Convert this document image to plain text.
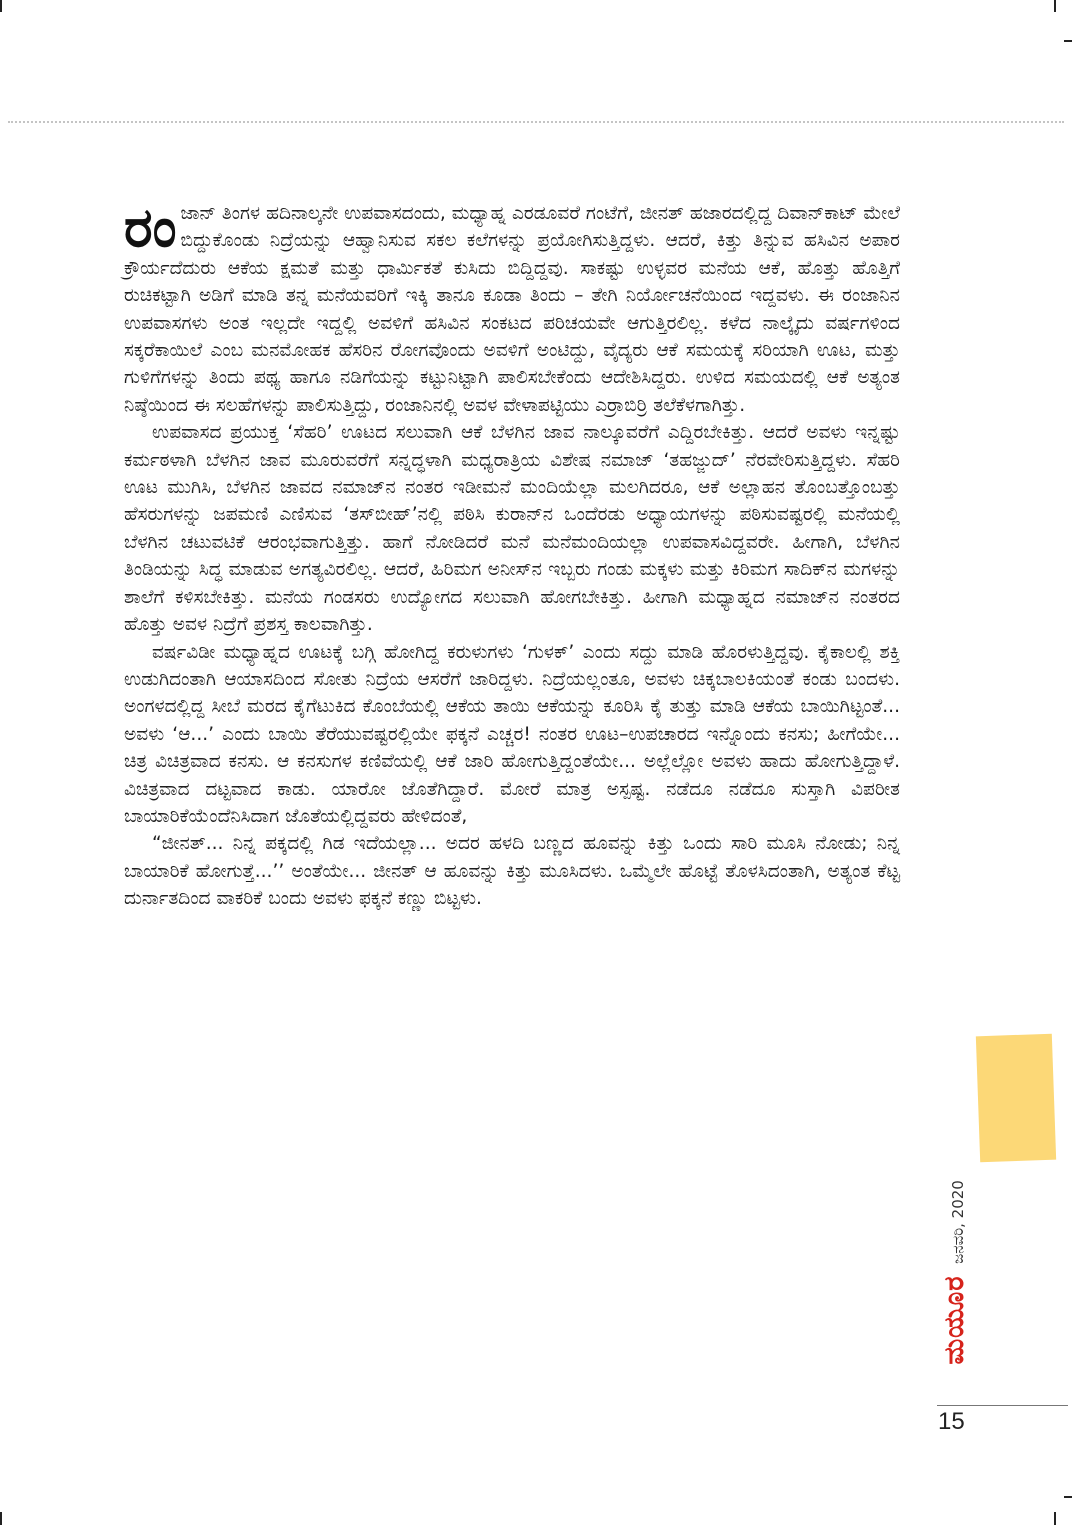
ರಂಜಾನ್ ತಿಂಗಳ ಹದಿನಾಲ್ಕನೇ ಉಪವಾಸದಂದು, ಮಧ್ಯಾಹ್ನ ಎರಡೂವರೆ ಗಂಟೆಗೆ, ಜೀನತ್ ಹಜಾರದಲ್ಲಿದ್ದ ದಿವಾನ್‌ಕಾಟ್ ಮೇಲೆ ಬಿದ್ದುಕೊಂಡು ನಿದ್ರೆಯನ್ನು ಆಹ್ವಾನಿಸುವ ಸಕಲ ಕಲೆಗಳನ್ನು ಪ್ರಯೋಗಿಸುತ್ತಿದ್ದಳು. ಆದರೆ, ಕಿತ್ತು ತಿನ್ನುವ ಹಸಿವಿನ ಅಪಾರ ಕ್ರೌರ್ಯದೆದುರು ಆಕೆಯ ಕ್ಷಮತೆ ಮತ್ತು ಧಾರ್ಮಿಕತೆ ಕುಸಿದು ಬಿದ್ದಿದ್ದವು. ಸಾಕಷ್ಟು ಉಳ್ಳವರ ಮನೆಯ ಆಕೆ, ಹೊತ್ತು ಹೊತ್ತಿಗೆ ರುಚಿಕಟ್ಟಾಗಿ ಅಡಿಗೆ ಮಾಡಿ ತನ್ನ ಮನೆಯವರಿಗೆ ಇಕ್ಕಿ ತಾನೂ ಕೂಡಾ ತಿಂದು – ತೇಗಿ ನಿರ್ಯೋಚನೆಯಿಂದ ಇದ್ದವಳು. ಈ ರಂಜಾನಿನ ಉಪವಾಸಗಳು ಅಂತ ಇಲ್ಲದೇ ಇದ್ದಲ್ಲಿ ಅವಳಿಗೆ ಹಸಿವಿನ ಸಂಕಟದ ಪರಿಚಯವೇ ಆಗುತ್ತಿರಲಿಲ್ಲ. ಕಳೆದ ನಾಲ್ಕೈದು ವರ್ಷಗಳಿಂದ ಸಕ್ಕರೆಕಾಯಿಲೆ ಎಂಬ ಮನಮೋಹಕ ಹೆಸರಿನ ರೋಗವೊಂದು ಅವಳಿಗೆ ಅಂಟಿದ್ದು, ವೈದ್ಯರು ಆಕೆ ಸಮಯಕ್ಕೆ ಸರಿಯಾಗಿ ಊಟ, ಮತ್ತು ಗುಳಿಗೆಗಳನ್ನು ತಿಂದು ಪಥ್ಯ ಹಾಗೂ ನಡಿಗೆಯನ್ನು ಕಟ್ಟುನಿಟ್ಟಾಗಿ ಪಾಲಿಸಬೇಕೆಂದು ಆದೇಶಿಸಿದ್ದರು. ಉಳಿದ ಸಮಯದಲ್ಲಿ ಆಕೆ ಅತ್ಯಂತ ನಿಷ್ಠೆಯಿಂದ ಈ ಸಲಹೆಗಳನ್ನು ಪಾಲಿಸುತ್ತಿದ್ದು, ರಂಜಾನಿನಲ್ಲಿ ಅವಳ ವೇಳಾಪಟ್ಟಿಯು ಎರ್ರಾಬಿರ್ರಿ ತಲೆಕೆಳಗಾಗಿತ್ತು.

ಉಪವಾಸದ ಪ್ರಯುಕ್ತ ‘ಸೆಹರಿ’ ಊಟದ ಸಲುವಾಗಿ ಆಕೆ ಬೆಳಗಿನ ಜಾವ ನಾಲ್ಕೂವರೆಗೆ ಎದ್ದಿರಬೇಕಿತ್ತು. ಆದರೆ ಅವಳು ಇನ್ನಷ್ಟು ಕರ್ಮಠಳಾಗಿ ಬೆಳಗಿನ ಜಾವ ಮೂರುವರೆಗೆ ಸನ್ನದ್ಧಳಾಗಿ ಮಧ್ಯರಾತ್ರಿಯ ವಿಶೇಷ ನಮಾಜ್ ‘ತಹಜ್ಜುದ್’ ನೆರವೇರಿಸುತ್ತಿದ್ದಳು. ಸೆಹರಿ ಊಟ ಮುಗಿಸಿ, ಬೆಳಗಿನ ಜಾವದ ನಮಾಜ್‌ನ ನಂತರ ಇಡೀಮನೆ ಮಂದಿಯೆಲ್ಲಾ ಮಲಗಿದರೂ, ಆಕೆ ಅಲ್ಲಾಹನ ತೊಂಬತ್ತೊಂಬತ್ತು ಹೆಸರುಗಳನ್ನು ಜಪಮಣಿ ಎಣಿಸುವ ‘ತಸ್‌ಬೀಹ್’ನಲ್ಲಿ ಪಠಿಸಿ ಕುರಾನ್‌ನ ಒಂದೆರಡು ಅಧ್ಯಾಯಗಳನ್ನು ಪಠಿಸುವಷ್ಟರಲ್ಲಿ ಮನೆಯಲ್ಲಿ ಬೆಳಗಿನ ಚಟುವಟಿಕೆ ಆರಂಭವಾಗುತ್ತಿತ್ತು. ಹಾಗೆ ನೋಡಿದರೆ ಮನೆ ಮನೆಮಂದಿಯಲ್ಲಾ ಉಪವಾಸವಿದ್ದವರೇ. ಹೀಗಾಗಿ, ಬೆಳಗಿನ ತಿಂಡಿಯನ್ನು ಸಿದ್ಧ ಮಾಡುವ ಅಗತ್ಯವಿರಲಿಲ್ಲ. ಆದರೆ, ಹಿರಿಮಗ ಅನೀಸ್‌ನ ಇಬ್ಬರು ಗಂಡು ಮಕ್ಕಳು ಮತ್ತು ಕಿರಿಮಗ ಸಾದಿಕ್‌ನ ಮಗಳನ್ನು ಶಾಲೆಗೆ ಕಳಿಸಬೇಕಿತ್ತು. ಮನೆಯ ಗಂಡಸರು ಉದ್ಯೋಗದ ಸಲುವಾಗಿ ಹೋಗಬೇಕಿತ್ತು. ಹೀಗಾಗಿ ಮಧ್ಯಾಹ್ನದ ನಮಾಜ್‌ನ ನಂತರದ ಹೊತ್ತು ಅವಳ ನಿದ್ರೆಗೆ ಪ್ರಶಸ್ತ ಕಾಲವಾಗಿತ್ತು.

ವರ್ಷವಿಡೀ ಮಧ್ಯಾಹ್ನದ ಊಟಕ್ಕೆ ಬಗ್ಗಿ ಹೋಗಿದ್ದ ಕರುಳುಗಳು ‘ಗುಳಕ್’ ಎಂದು ಸದ್ದು ಮಾಡಿ ಹೊರಳುತ್ತಿದ್ದವು. ಕೈಕಾಲಲ್ಲಿ ಶಕ್ತಿ ಉಡುಗಿದಂತಾಗಿ ಆಯಾಸದಿಂದ ಸೋತು ನಿದ್ರೆಯ ಆಸರೆಗೆ ಜಾರಿದ್ದಳು. ನಿದ್ರೆಯಲ್ಲಂತೂ, ಅವಳು ಚಿಕ್ಕಬಾಲಕಿಯಂತೆ ಕಂಡು ಬಂದಳು. ಅಂಗಳದಲ್ಲಿದ್ದ ಸೀಬೆ ಮರದ ಕೈಗೆಟುಕಿದ ಕೊಂಬೆಯಲ್ಲಿ ಆಕೆಯ ತಾಯಿ ಆಕೆಯನ್ನು ಕೂರಿಸಿ ಕೈ ತುತ್ತು ಮಾಡಿ ಆಕೆಯ ಬಾಯಿಗಿಟ್ಟಂತೆ... ಅವಳು ‘ಆ...’ ಎಂದು ಬಾಯಿ ತೆರೆಯುವಷ್ಟರಲ್ಲಿಯೇ ಫಕ್ಕನೆ ಎಚ್ಚರ! ನಂತರ ಊಟ–ಉಪಚಾರದ ಇನ್ನೊಂದು ಕನಸು; ಹೀಗೆಯೇ... ಚಿತ್ರ ವಿಚಿತ್ರವಾದ ಕನಸು. ಆ ಕನಸುಗಳ ಕಣಿವೆಯಲ್ಲಿ ಆಕೆ ಜಾರಿ ಹೋಗುತ್ತಿದ್ದಂತೆಯೇ... ಅಲ್ಲೆಲ್ಲೋ ಅವಳು ಹಾದು ಹೋಗುತ್ತಿದ್ದಾಳೆ. ವಿಚಿತ್ರವಾದ ದಟ್ಟವಾದ ಕಾಡು. ಯಾರೋ ಜೊತೆಗಿದ್ದಾರೆ. ಮೋರೆ ಮಾತ್ರ ಅಸ್ಪಷ್ಟ. ನಡೆದೂ ನಡೆದೂ ಸುಸ್ತಾಗಿ ವಿಪರೀತ ಬಾಯಾರಿಕೆಯೆಂದೆನಿಸಿದಾಗ ಜೊತೆಯಲ್ಲಿದ್ದವರು ಹೇಳಿದಂತೆ,

“ಜೀನತ್... ನಿನ್ನ ಪಕ್ಕದಲ್ಲಿ ಗಿಡ ಇದೆಯಲ್ಲಾ... ಅದರ ಹಳದಿ ಬಣ್ಣದ ಹೂವನ್ನು ಕಿತ್ತು ಒಂದು ಸಾರಿ ಮೂಸಿ ನೋಡು; ನಿನ್ನ ಬಾಯಾರಿಕೆ ಹೋಗುತ್ತೆ...’’ ಅಂತೆಯೇ... ಜೀನತ್ ಆ ಹೂವನ್ನು ಕಿತ್ತು ಮೂಸಿದಳು. ಒಮ್ಮೆಲೇ ಹೊಟ್ಟೆ ತೊಳಸಿದಂತಾಗಿ, ಅತ್ಯಂತ ಕೆಟ್ಟ ದುರ್ನಾತದಿಂದ ವಾಕರಿಕೆ ಬಂದು ಅವಳು ಫಕ್ಕನೆ ಕಣ್ಣು ಬಿಟ್ಟಳು.

ಜನವರಿ, 2020
ಮಯೂರ
15
